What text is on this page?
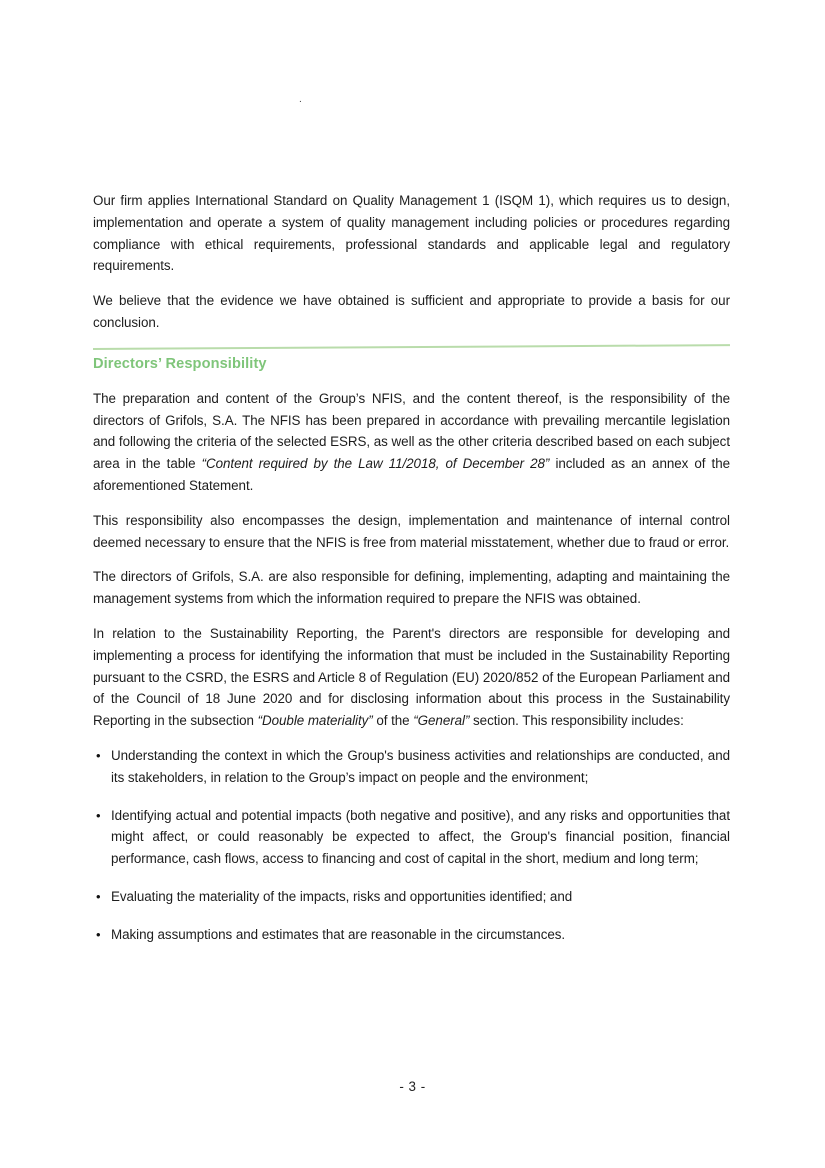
.

Our firm applies International Standard on Quality Management 1 (ISQM 1), which requires us to design, implementation and operate a system of quality management including policies or procedures regarding compliance with ethical requirements, professional standards and applicable legal and regulatory requirements.

We believe that the evidence we have obtained is sufficient and appropriate to provide a basis for our conclusion.

Directors’ Responsibility

The preparation and content of the Group’s NFIS, and the content thereof, is the responsibility of the directors of Grifols, S.A. The NFIS has been prepared in accordance with prevailing mercantile legislation and following the criteria of the selected ESRS, as well as the other criteria described based on each subject area in the table “Content required by the Law 11/2018, of December 28” included as an annex of the aforementioned Statement.

This responsibility also encompasses the design, implementation and maintenance of internal control deemed necessary to ensure that the NFIS is free from material misstatement, whether due to fraud or error.

The directors of Grifols, S.A. are also responsible for defining, implementing, adapting and maintaining the management systems from which the information required to prepare the NFIS was obtained.

In relation to the Sustainability Reporting, the Parent's directors are responsible for developing and implementing a process for identifying the information that must be included in the Sustainability Reporting pursuant to the CSRD, the ESRS and Article 8 of Regulation (EU) 2020/852 of the European Parliament and of the Council of 18 June 2020 and for disclosing information about this process in the Sustainability Reporting in the subsection “Double materiality” of the “General” section. This responsibility includes:

• Understanding the context in which the Group's business activities and relationships are conducted, and its stakeholders, in relation to the Group’s impact on people and the environment;
• Identifying actual and potential impacts (both negative and positive), and any risks and opportunities that might affect, or could reasonably be expected to affect, the Group's financial position, financial performance, cash flows, access to financing and cost of capital in the short, medium and long term;
• Evaluating the materiality of the impacts, risks and opportunities identified; and
• Making assumptions and estimates that are reasonable in the circumstances.
- 3 -
